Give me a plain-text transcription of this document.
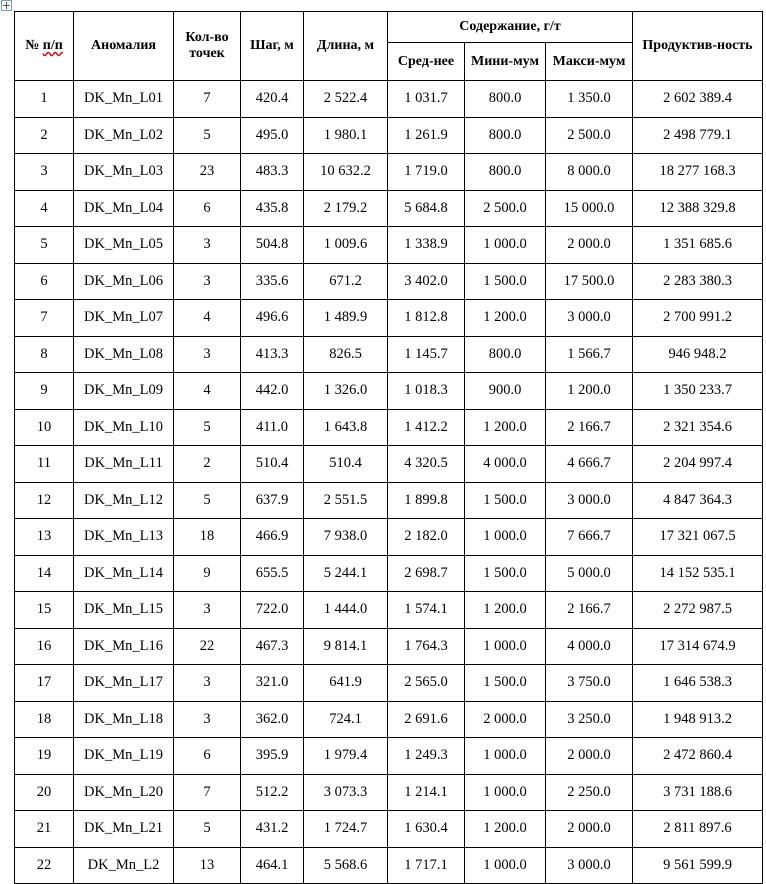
№ п/п	Аномалия	Кол-во точек	Шаг, м	Длина, м	Содержание, г/т			Продуктив-ность
					Сред-нее	Мини-мум	Макси-мум	
1	DK_Mn_L01	7	420.4	2 522.4	1 031.7	800.0	1 350.0	2 602 389.4
2	DK_Mn_L02	5	495.0	1 980.1	1 261.9	800.0	2 500.0	2 498 779.1
3	DK_Mn_L03	23	483.3	10 632.2	1 719.0	800.0	8 000.0	18 277 168.3
4	DK_Mn_L04	6	435.8	2 179.2	5 684.8	2 500.0	15 000.0	12 388 329.8
5	DK_Mn_L05	3	504.8	1 009.6	1 338.9	1 000.0	2 000.0	1 351 685.6
6	DK_Mn_L06	3	335.6	671.2	3 402.0	1 500.0	17 500.0	2 283 380.3
7	DK_Mn_L07	4	496.6	1 489.9	1 812.8	1 200.0	3 000.0	2 700 991.2
8	DK_Mn_L08	3	413.3	826.5	1 145.7	800.0	1 566.7	946 948.2
9	DK_Mn_L09	4	442.0	1 326.0	1 018.3	900.0	1 200.0	1 350 233.7
10	DK_Mn_L10	5	411.0	1 643.8	1 412.2	1 200.0	2 166.7	2 321 354.6
11	DK_Mn_L11	2	510.4	510.4	4 320.5	4 000.0	4 666.7	2 204 997.4
12	DK_Mn_L12	5	637.9	2 551.5	1 899.8	1 500.0	3 000.0	4 847 364.3
13	DK_Mn_L13	18	466.9	7 938.0	2 182.0	1 000.0	7 666.7	17 321 067.5
14	DK_Mn_L14	9	655.5	5 244.1	2 698.7	1 500.0	5 000.0	14 152 535.1
15	DK_Mn_L15	3	722.0	1 444.0	1 574.1	1 200.0	2 166.7	2 272 987.5
16	DK_Mn_L16	22	467.3	9 814.1	1 764.3	1 000.0	4 000.0	17 314 674.9
17	DK_Mn_L17	3	321.0	641.9	2 565.0	1 500.0	3 750.0	1 646 538.3
18	DK_Mn_L18	3	362.0	724.1	2 691.6	2 000.0	3 250.0	1 948 913.2
19	DK_Mn_L19	6	395.9	1 979.4	1 249.3	1 000.0	2 000.0	2 472 860.4
20	DK_Mn_L20	7	512.2	3 073.3	1 214.1	1 000.0	2 250.0	3 731 188.6
21	DK_Mn_L21	5	431.2	1 724.7	1 630.4	1 200.0	2 000.0	2 811 897.6
22	DK_Mn_L2	13	464.1	5 568.6	1 717.1	1 000.0	3 000.0	9 561 599.9
